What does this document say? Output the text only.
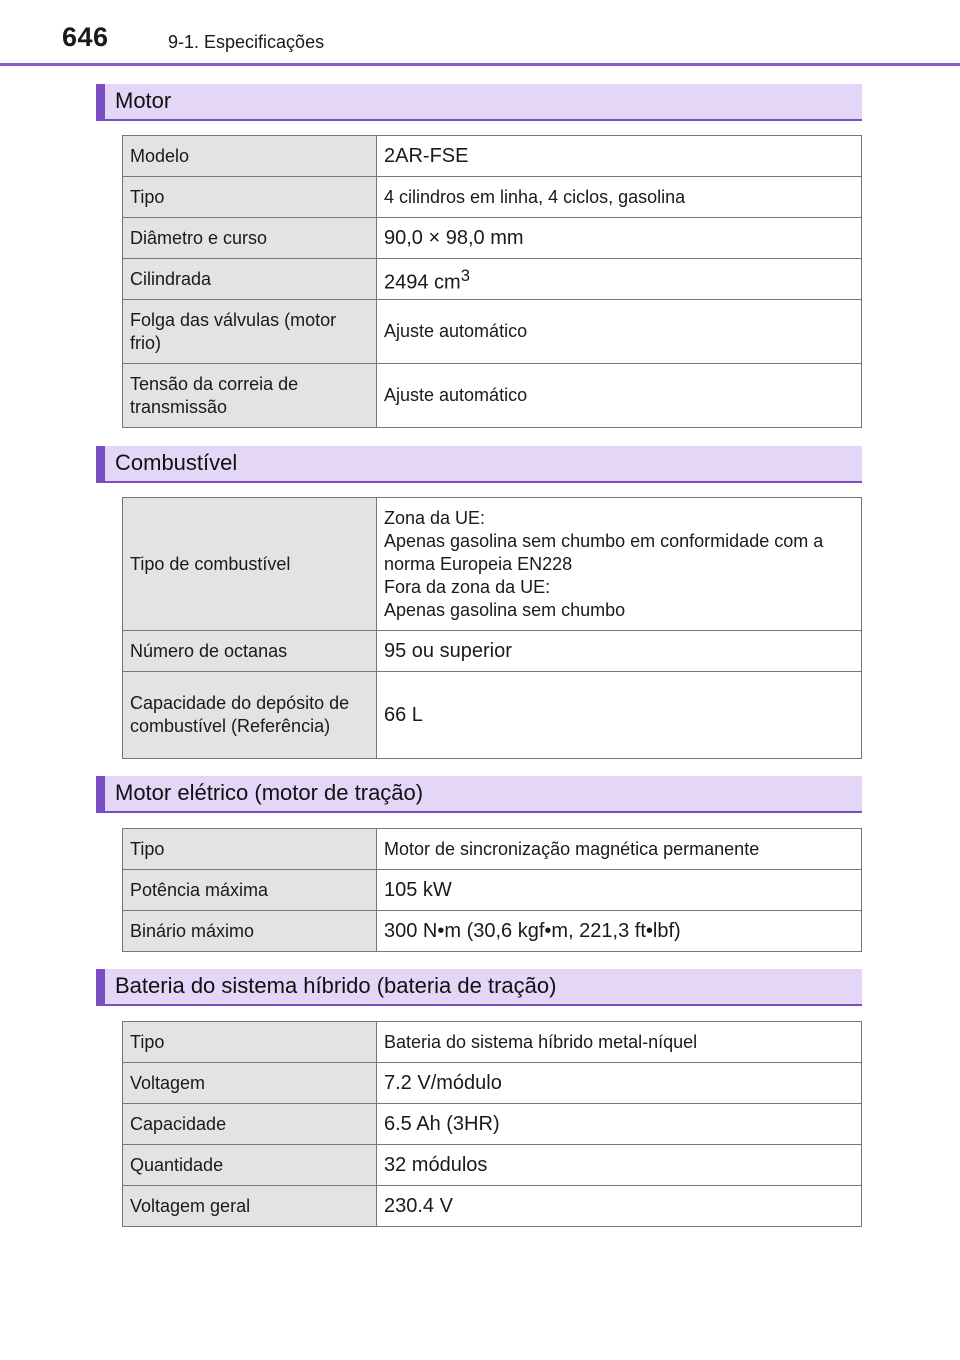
646	9-1. Especificações
Motor
Modelo	2AR-FSE
Tipo	4 cilindros em linha, 4 ciclos, gasolina
Diâmetro e curso	90,0 × 98,0 mm
Cilindrada	2494 $cm^3$
Folga das válvulas (motor frio)	Ajuste automático
Tensão da correia de transmissão	Ajuste automático
Combustível
Tipo de combustível	Zona da UE:
Apenas gasolina sem chumbo em conformidade com a
norma Europeia EN228
Fora da zona da UE:
Apenas gasolina sem chumbo

Número de octanas	95 ou superior
Capacidade do depósito de combustível (Referência)	66 L
Motor elétrico (motor de tração)
Tipo	Motor de sincronização magnética permanente
Potência máxima	105 kW
Binário máximo	300 N•m (30,6 kgf•m, 221,3 ft•lbf)
Bateria do sistema híbrido (bateria de tração)
Tipo	Bateria do sistema híbrido metal-níquel
Voltagem	7.2 V/módulo
Capacidade	6.5 Ah (3HR)
Quantidade	32 módulos
Voltagem geral	230.4 V
